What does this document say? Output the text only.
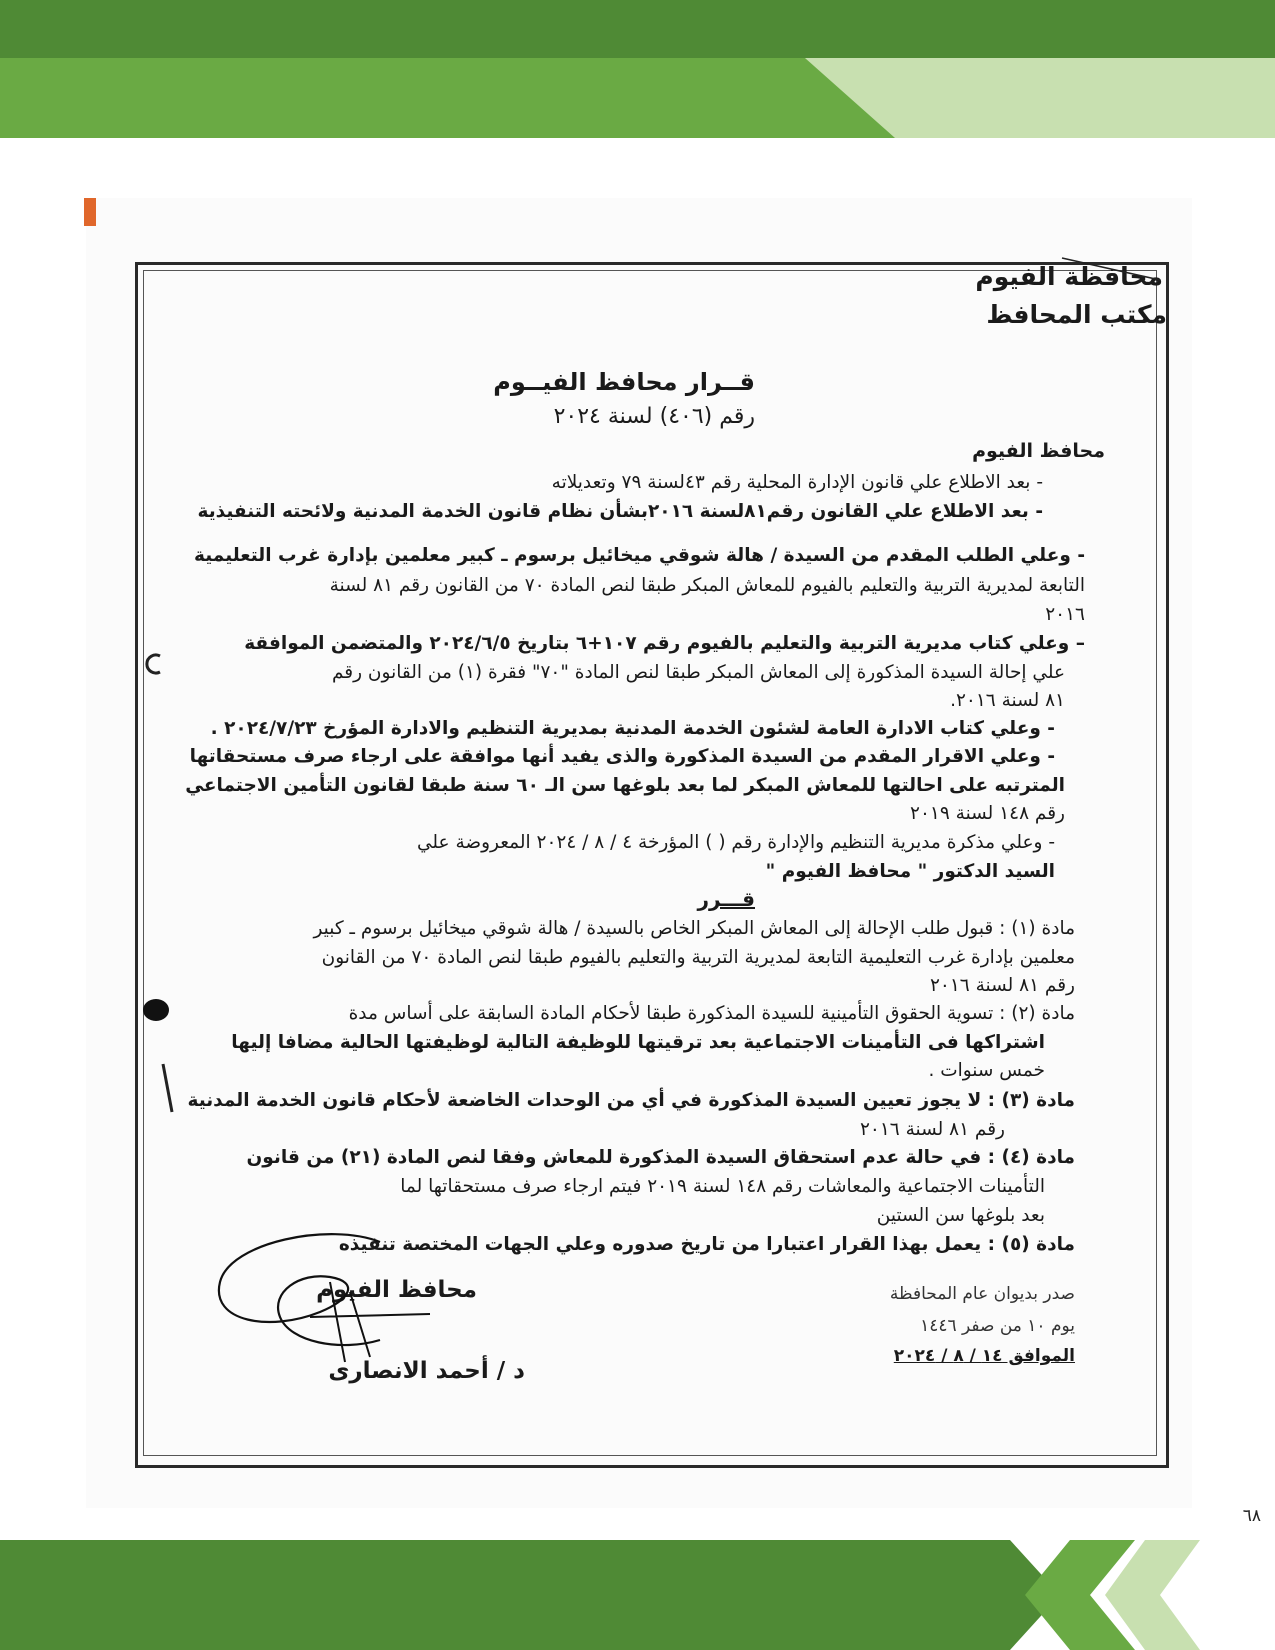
محافظة الفيوم
مكتب المحافظ
قــرار محافظ الفيــوم
رقم (٤٠٦) لسنة ٢٠٢٤
محافظ الفيوم
- بعد الاطلاع علي قانون الإدارة المحلية رقم ٤٣لسنة ٧٩ وتعديلاته
- بعد الاطلاع علي القانون رقم٨١لسنة ٢٠١٦بشأن نظام قانون الخدمة المدنية ولائحته التنفيذية
- وعلي الطلب المقدم من السيدة / هالة شوقي ميخائيل برسوم ـ كبير معلمين بإدارة غرب التعليمية
التابعة لمديرية التربية والتعليم بالفيوم للمعاش المبكر طبقا لنص المادة ٧٠ من القانون رقم ٨١ لسنة
٢٠١٦
– وعلي كتاب مديرية التربية والتعليم بالفيوم رقم ١٠٧+٦ بتاريخ ٢٠٢٤/٦/٥ والمتضمن الموافقة
علي إحالة السيدة المذكورة إلى المعاش المبكر طبقا لنص المادة "٧٠" فقرة (١) من القانون رقم
٨١ لسنة ٢٠١٦.
- وعلي كتاب الادارة العامة لشئون الخدمة المدنية بمديرية التنظيم والادارة المؤرخ ٢٠٢٤/٧/٢٣ .
- وعلي الاقرار المقدم من السيدة المذكورة والذى يفيد أنها موافقة على ارجاء صرف مستحقاتها
المترتبه على احالتها للمعاش المبكر لما بعد بلوغها سن الـ ٦٠ سنة طبقا لقانون التأمين الاجتماعي
رقم ١٤٨ لسنة ٢٠١٩
- وعلي مذكرة مديرية التنظيم والإدارة رقم ( ) المؤرخة ٤ / ٨ / ٢٠٢٤ المعروضة علي
السيد الدكتور " محافظ الفيوم "
قـــرر
مادة (١) : قبول طلب الإحالة إلى المعاش المبكر الخاص بالسيدة / هالة شوقي ميخائيل برسوم ـ كبير
معلمين بإدارة غرب التعليمية التابعة لمديرية التربية والتعليم بالفيوم طبقا لنص المادة ٧٠ من القانون
رقم ٨١ لسنة ٢٠١٦
مادة (٢) : تسوية الحقوق التأمينية للسيدة المذكورة طبقا لأحكام المادة السابقة على أساس مدة
اشتراكها فى التأمينات الاجتماعية بعد ترقيتها للوظيفة التالية لوظيفتها الحالية مضافا إليها
خمس سنوات .
مادة (٣) : لا يجوز تعيين السيدة المذكورة في أي من الوحدات الخاضعة لأحكام قانون الخدمة المدنية
رقم ٨١ لسنة ٢٠١٦
مادة (٤) : في حالة عدم استحقاق السيدة المذكورة للمعاش وفقا لنص المادة (٢١) من قانون
التأمينات الاجتماعية والمعاشات رقم ١٤٨ لسنة ٢٠١٩ فيتم ارجاء صرف مستحقاتها لما
بعد بلوغها سن الستين
مادة (٥) : يعمل بهذا القرار اعتبارا من تاريخ صدوره وعلي الجهات المختصة تنفيذه
صدر بديوان عام المحافظة
يوم ١٠ من صفر ١٤٤٦
الموافق ١٤ / ٨ / ٢٠٢٤
محافظ الفيوم
د / أحمد الانصارى
٦٨
